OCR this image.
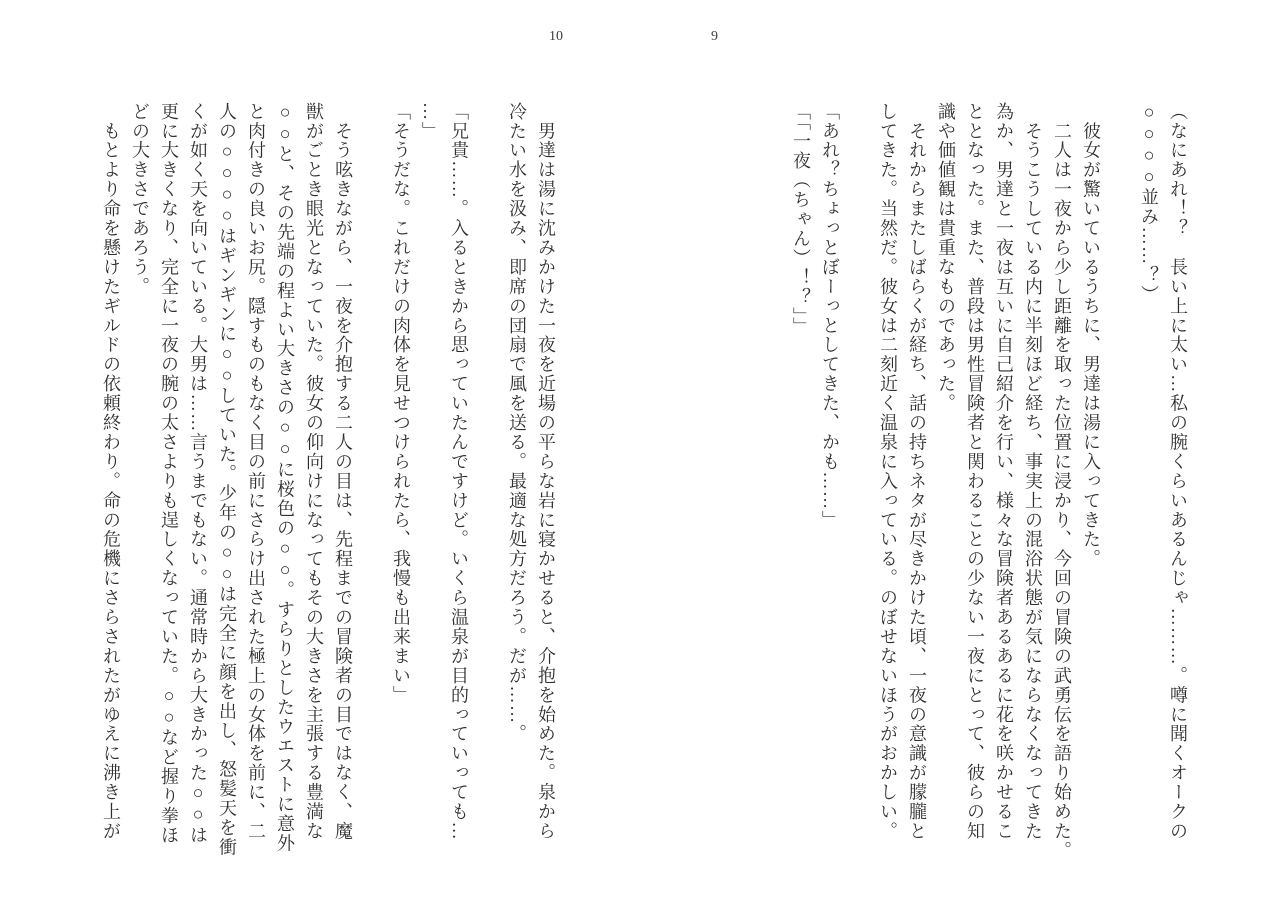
10	9
（なにあれ！？　長い上に太い…私の腕くらいあるんじゃ………。噂に聞くオークの
○○○○並み……？）

　彼女が驚いているうちに、男達は湯に入ってきた。
　二人は一夜から少し距離を取った位置に浸かり、今回の冒険の武勇伝を語り始めた。
　そうこうしている内に半刻ほど経ち、事実上の混浴状態が気にならなくなってきた
為か、男達と一夜は互いに自己紹介を行い、様々な冒険者あるあるに花を咲かせるこ
ととなった。また、普段は男性冒険者と関わることの少ない一夜にとって、彼らの知
識や価値観は貴重なものであった。
　それからまたしばらくが経ち、話の持ちネタが尽きかけた頃、一夜の意識が朦朧と
してきた。当然だ。彼女は二刻近く温泉に入っている。のぼせないほうがおかしい。

「あれ？ちょっとぼーっとしてきた、かも……」
「「一夜（ちゃん）！？」」
　男達は湯に沈みかけた一夜を近場の平らな岩に寝かせると、介抱を始めた。泉から
冷たい水を汲み、即席の団扇で風を送る。最適な処方だろう。だが……。

「兄貴……。入るときから思っていたんですけど。いくら温泉が目的っていっても…
…」
「そうだな。これだけの肉体を見せつけられたら、我慢も出来まい」

　そう呟きながら、一夜を介抱する二人の目は、先程までの冒険者の目ではなく、魔
獣がごとき眼光となっていた。彼女の仰向けになってもその大きさを主張する豊満な
○○と、その先端の程よい大きさの○○に桜色の○○。すらりとしたウエストに意外
と肉付きの良いお尻。隠すものもなく目の前にさらけ出された極上の女体を前に、二
人の○○○○はギンギンに○○していた。少年の○○は完全に顔を出し、怒髪天を衝
くが如く天を向いている。大男は……言うまでもない。通常時から大きかった○○は
更に大きくなり、完全に一夜の腕の太さよりも逞しくなっていた。○○など握り拳ほ
どの大きさであろう。
　もとより命を懸けたギルドの依頼終わり。命の危機にさらされたがゆえに沸き上が
